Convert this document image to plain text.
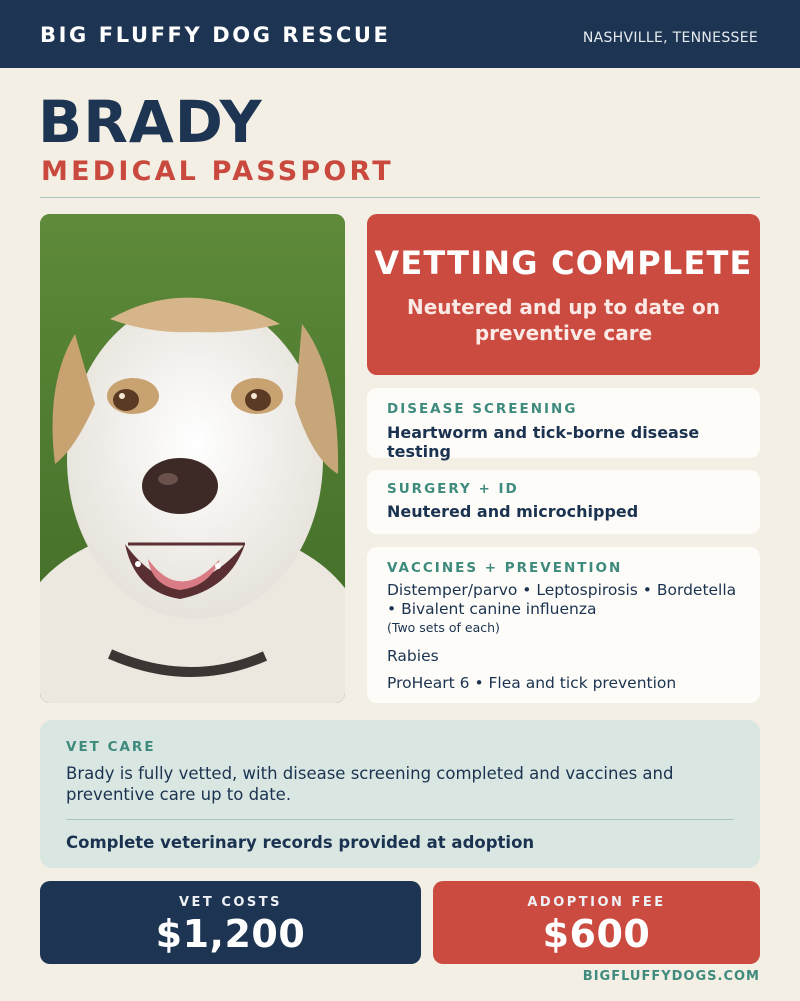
BIG FLUFFY DOG RESCUE	NASHVILLE, TENNESSEE
BRADY
MEDICAL PASSPORT
VETTING COMPLETE
Neutered and up to date on preventive care
DISEASE SCREENING
Heartworm and tick-borne disease testing
SURGERY + ID
Neutered and microchipped
VACCINES + PREVENTION
Distemper/parvo • Leptospirosis • Bordetella • Bivalent canine influenza
(Two sets of each)
Rabies
ProHeart 6 • Flea and tick prevention
VET CARE
Brady is fully vetted, with disease screening completed and vaccines and preventive care up to date.
Complete veterinary records provided at adoption
VET COSTS
$1,200
ADOPTION FEE
$600
BIGFLUFFYDOGS.COM
